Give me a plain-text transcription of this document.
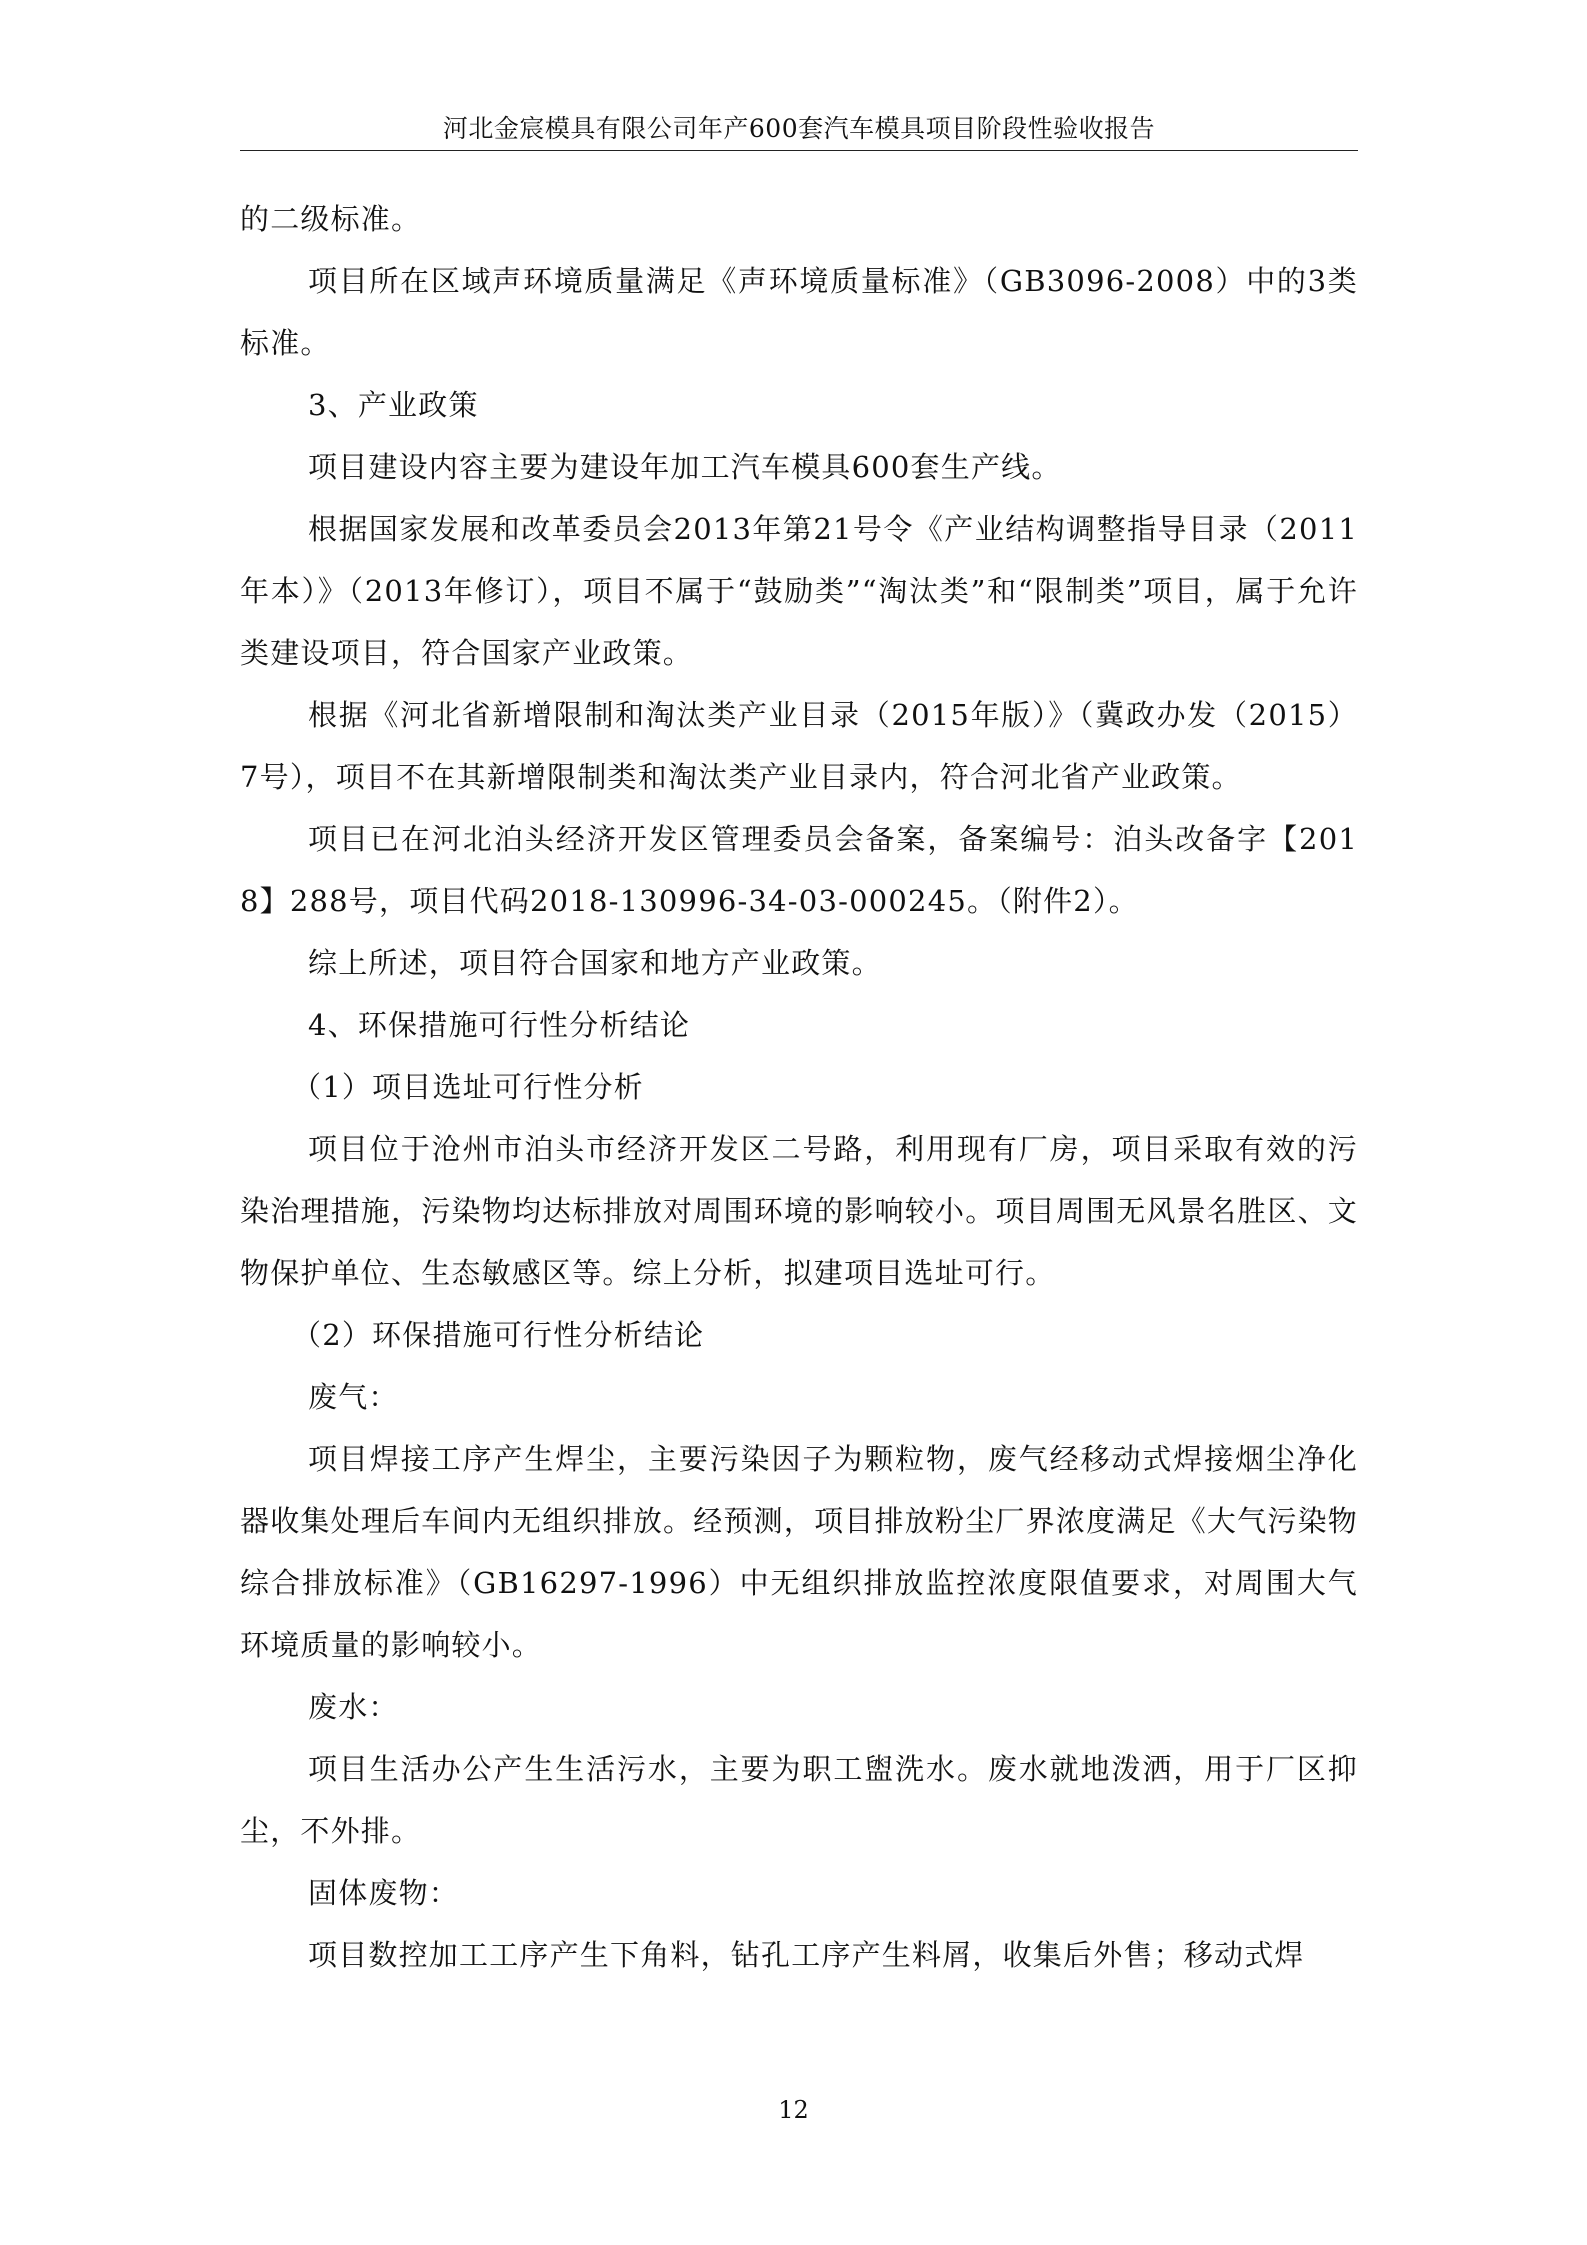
河北金宸模具有限公司年产600套汽车模具项目阶段性验收报告

的二级标准。

项目所在区域声环境质量满足《声环境质量标准》（GB3096-2008）中的3类标准。

3、产业政策

项目建设内容主要为建设年加工汽车模具600套生产线。

根据国家发展和改革委员会2013年第21号令《产业结构调整指导目录（2011年本）》（2013年修订），项目不属于“鼓励类”“淘汰类”和“限制类”项目，属于允许类建设项目，符合国家产业政策。

根据《河北省新增限制和淘汰类产业目录（2015年版）》（冀政办发（2015）7号），项目不在其新增限制类和淘汰类产业目录内，符合河北省产业政策。

项目已在河北泊头经济开发区管理委员会备案，备案编号：泊头改备字【2018】288号，项目代码2018-130996-34-03-000245。（附件2）。

综上所述，项目符合国家和地方产业政策。

4、环保措施可行性分析结论

（1）项目选址可行性分析

项目位于沧州市泊头市经济开发区二号路，利用现有厂房，项目采取有效的污染治理措施，污染物均达标排放对周围环境的影响较小。项目周围无风景名胜区、文物保护单位、生态敏感区等。综上分析，拟建项目选址可行。

（2）环保措施可行性分析结论

废气：

项目焊接工序产生焊尘，主要污染因子为颗粒物，废气经移动式焊接烟尘净化器收集处理后车间内无组织排放。经预测，项目排放粉尘厂界浓度满足《大气污染物综合排放标准》（GB16297-1996）中无组织排放监控浓度限值要求，对周围大气环境质量的影响较小。

废水：

项目生活办公产生生活污水，主要为职工盥洗水。废水就地泼洒，用于厂区抑尘，不外排。

固体废物：

项目数控加工工序产生下角料，钻孔工序产生料屑，收集后外售；移动式焊

12
